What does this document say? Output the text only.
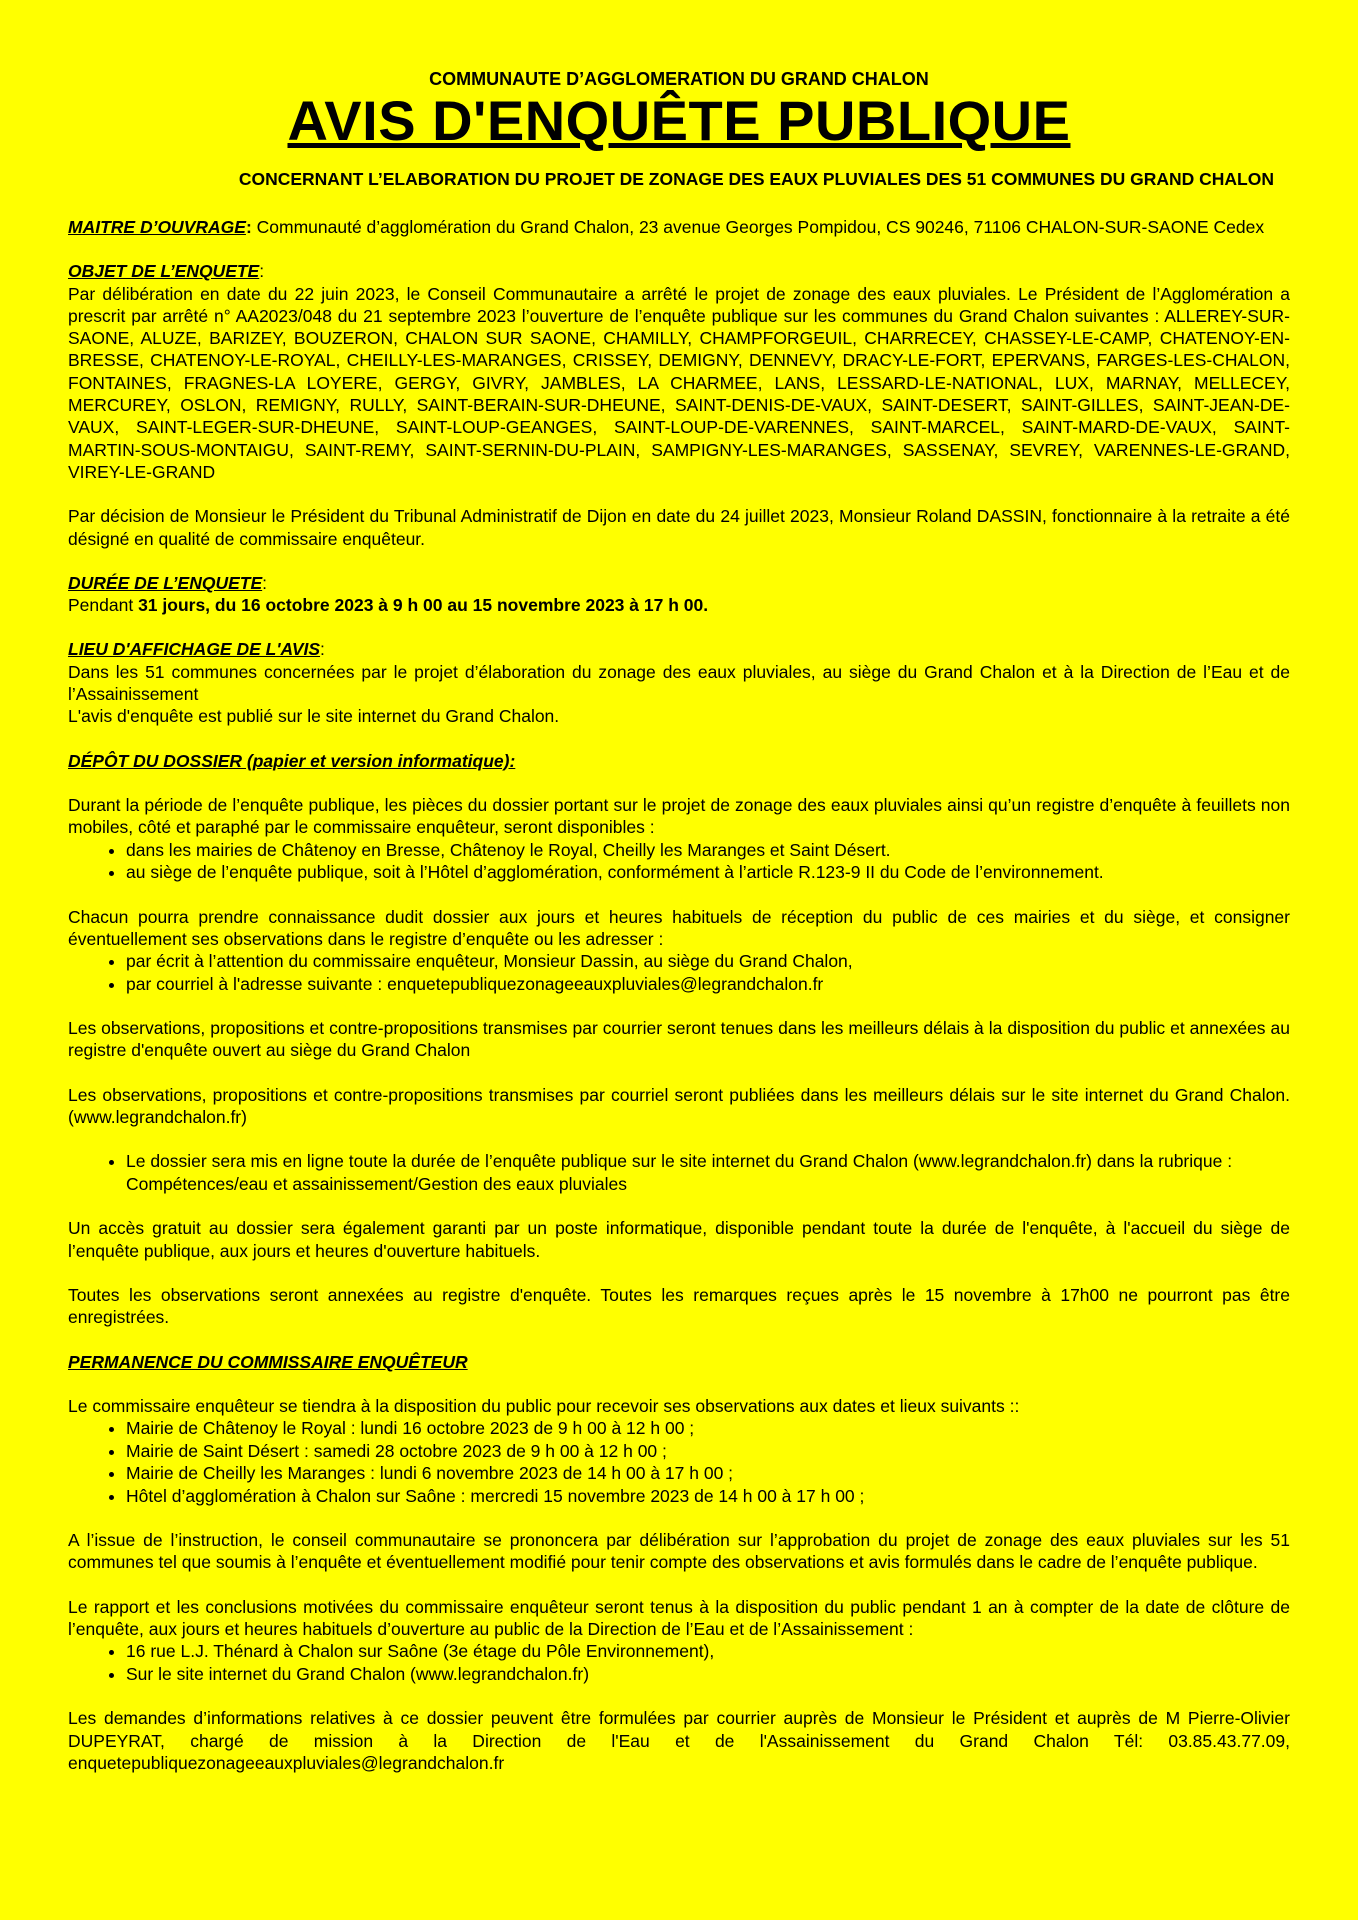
COMMUNAUTE D’AGGLOMERATION DU GRAND CHALON

AVIS D'ENQUÊTE PUBLIQUE

CONCERNANT L’ELABORATION DU PROJET DE ZONAGE DES EAUX PLUVIALES DES 51 COMMUNES DU GRAND CHALON

MAITRE D’OUVRAGE: Communauté d’agglomération du Grand Chalon, 23 avenue Georges Pompidou, CS 90246, 71106 CHALON-SUR-SAONE Cedex

OBJET DE L’ENQUETE:

Par délibération en date du 22 juin 2023, le Conseil Communautaire a arrêté le projet de zonage des eaux pluviales. Le Président de l’Agglomération a prescrit par arrêté n° AA2023/048 du 21 septembre 2023 l’ouverture de l’enquête publique sur les communes du Grand Chalon suivantes : ALLEREY-SUR-SAONE, ALUZE, BARIZEY, BOUZERON, CHALON SUR SAONE, CHAMILLY, CHAMPFORGEUIL, CHARRECEY, CHASSEY-LE-CAMP, CHATENOY-EN-BRESSE, CHATENOY-LE-ROYAL, CHEILLY-LES-MARANGES, CRISSEY, DEMIGNY, DENNEVY, DRACY-LE-FORT, EPERVANS, FARGES-LES-CHALON, FONTAINES, FRAGNES-LA LOYERE, GERGY, GIVRY, JAMBLES, LA CHARMEE, LANS, LESSARD-LE-NATIONAL, LUX, MARNAY, MELLECEY, MERCUREY, OSLON, REMIGNY, RULLY, SAINT-BERAIN-SUR-DHEUNE, SAINT-DENIS-DE-VAUX, SAINT-DESERT, SAINT-GILLES, SAINT-JEAN-DE-VAUX, SAINT-LEGER-SUR-DHEUNE, SAINT-LOUP-GEANGES, SAINT-LOUP-DE-VARENNES, SAINT-MARCEL, SAINT-MARD-DE-VAUX, SAINT-MARTIN-SOUS-MONTAIGU, SAINT-REMY, SAINT-SERNIN-DU-PLAIN, SAMPIGNY-LES-MARANGES, SASSENAY, SEVREY, VARENNES-LE-GRAND, VIREY-LE-GRAND

Par décision de Monsieur le Président du Tribunal Administratif de Dijon en date du 24 juillet 2023, Monsieur Roland DASSIN, fonctionnaire à la retraite a été désigné en qualité de commissaire enquêteur.

DURÉE DE L’ENQUETE:

Pendant 31 jours, du 16 octobre 2023 à 9 h 00 au 15 novembre 2023 à 17 h 00.

LIEU D'AFFICHAGE DE L'AVIS:

Dans les 51 communes concernées par le projet d’élaboration du zonage des eaux pluviales, au siège du Grand Chalon et à la Direction de l’Eau et de l’Assainissement

L'avis d'enquête est publié sur le site internet du Grand Chalon.

DÉPÔT DU DOSSIER (papier et version informatique):

Durant la période de l’enquête publique, les pièces du dossier portant sur le projet de zonage des eaux pluviales ainsi qu’un registre d’enquête à feuillets non mobiles, côté et paraphé par le commissaire enquêteur, seront disponibles :

• dans les mairies de Châtenoy en Bresse, Châtenoy le Royal, Cheilly les Maranges et Saint Désert.
• au siège de l’enquête publique, soit à l’Hôtel d’agglomération, conformément à l’article R.123-9 II du Code de l’environnement.

Chacun pourra prendre connaissance dudit dossier aux jours et heures habituels de réception du public de ces mairies et du siège, et consigner éventuellement ses observations dans le registre d’enquête ou les adresser :

• par écrit à l’attention du commissaire enquêteur, Monsieur Dassin, au siège du Grand Chalon,
• par courriel à l'adresse suivante : enquetepubliquezonageeauxpluviales@legrandchalon.fr

Les observations, propositions et contre-propositions transmises par courrier seront tenues dans les meilleurs délais à la disposition du public et annexées au registre d'enquête ouvert au siège du Grand Chalon

Les observations, propositions et contre-propositions transmises par courriel seront publiées dans les meilleurs délais sur le site internet du Grand Chalon. (www.legrandchalon.fr)

• Le dossier sera mis en ligne toute la durée de l’enquête publique sur le site internet du Grand Chalon (www.legrandchalon.fr) dans la rubrique : Compétences/eau et assainissement/Gestion des eaux pluviales

Un accès gratuit au dossier sera également garanti par un poste informatique, disponible pendant toute la durée de l'enquête, à l'accueil du siège de l’enquête publique, aux jours et heures d'ouverture habituels.

Toutes les observations seront annexées au registre d'enquête. Toutes les remarques reçues après le 15 novembre à 17h00 ne pourront pas être enregistrées.

PERMANENCE DU COMMISSAIRE ENQUÊTEUR

Le commissaire enquêteur se tiendra à la disposition du public pour recevoir ses observations aux dates et lieux suivants ::

• Mairie de Châtenoy le Royal : lundi 16 octobre 2023 de 9 h 00 à 12 h 00 ;
• Mairie de Saint Désert : samedi 28 octobre 2023 de 9 h 00 à 12 h 00 ;
• Mairie de Cheilly les Maranges : lundi 6 novembre 2023 de 14 h 00 à 17 h 00 ;
• Hôtel d’agglomération à Chalon sur Saône : mercredi 15 novembre 2023 de 14 h 00 à 17 h 00 ;

A l’issue de l’instruction, le conseil communautaire se prononcera par délibération sur l’approbation du projet de zonage des eaux pluviales sur les 51 communes tel que soumis à l’enquête et éventuellement modifié pour tenir compte des observations et avis formulés dans le cadre de l’enquête publique.

Le rapport et les conclusions motivées du commissaire enquêteur seront tenus à la disposition du public pendant 1 an à compter de la date de clôture de l’enquête, aux jours et heures habituels d’ouverture au public de la Direction de l’Eau et de l’Assainissement :

• 16 rue L.J. Thénard à Chalon sur Saône (3e étage du Pôle Environnement),
• Sur le site internet du Grand Chalon (www.legrandchalon.fr)

Les demandes d’informations relatives à ce dossier peuvent être formulées par courrier auprès de Monsieur le Président et auprès de M Pierre-Olivier DUPEYRAT, chargé de mission à la Direction de l'Eau et de l'Assainissement du Grand Chalon Tél: 03.85.43.77.09, enquetepubliquezonageeauxpluviales@legrandchalon.fr
